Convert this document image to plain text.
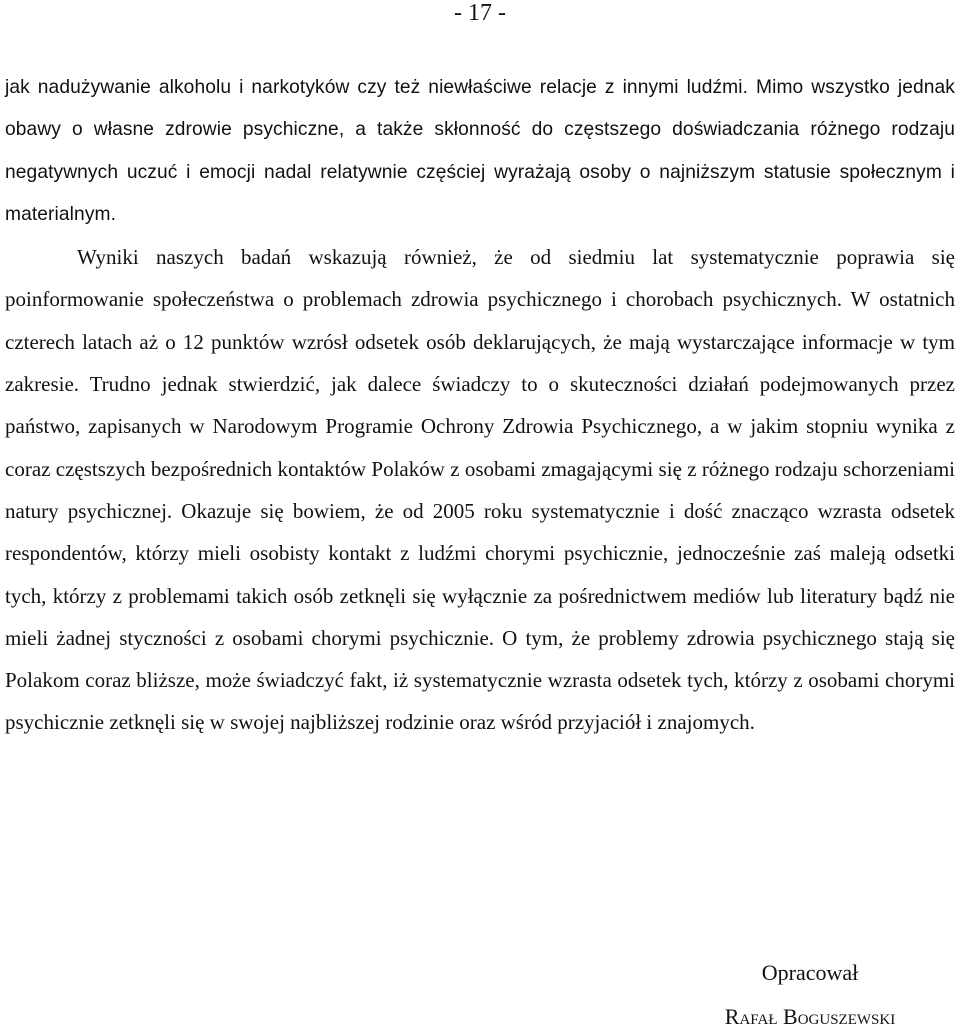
- 17 -

jak nadużywanie alkoholu i narkotyków czy też niewłaściwe relacje z innymi ludźmi. Mimo wszystko jednak obawy o własne zdrowie psychiczne, a także skłonność do częstszego doświadczania różnego rodzaju negatywnych uczuć i emocji nadal relatywnie częściej wyrażają osoby o najniższym statusie społecznym i materialnym.

Wyniki naszych badań wskazują również, że od siedmiu lat systematycznie poprawia się poinformowanie społeczeństwa o problemach zdrowia psychicznego i chorobach psychicznych. W ostatnich czterech latach aż o 12 punktów wzrósł odsetek osób deklarujących, że mają wystarczające informacje w tym zakresie. Trudno jednak stwierdzić, jak dalece świadczy to o skuteczności działań podejmowanych przez państwo, zapisanych w Narodowym Programie Ochrony Zdrowia Psychicznego, a w jakim stopniu wynika z coraz częstszych bezpośrednich kontaktów Polaków z osobami zmagającymi się z różnego rodzaju schorzeniami natury psychicznej. Okazuje się bowiem, że od 2005 roku systematycznie i dość znacząco wzrasta odsetek respondentów, którzy mieli osobisty kontakt z ludźmi chorymi psychicznie, jednocześnie zaś maleją odsetki tych, którzy z problemami takich osób zetknęli się wyłącznie za pośrednictwem mediów lub literatury bądź nie mieli żadnej styczności z osobami chorymi psychicznie. O tym, że problemy zdrowia psychicznego stają się Polakom coraz bliższe, może świadczyć fakt, iż systematycznie wzrasta odsetek tych, którzy z osobami chorymi psychicznie zetknęli się w swojej najbliższej rodzinie oraz wśród przyjaciół i znajomych.

Opracował
Rafał Boguszewski
